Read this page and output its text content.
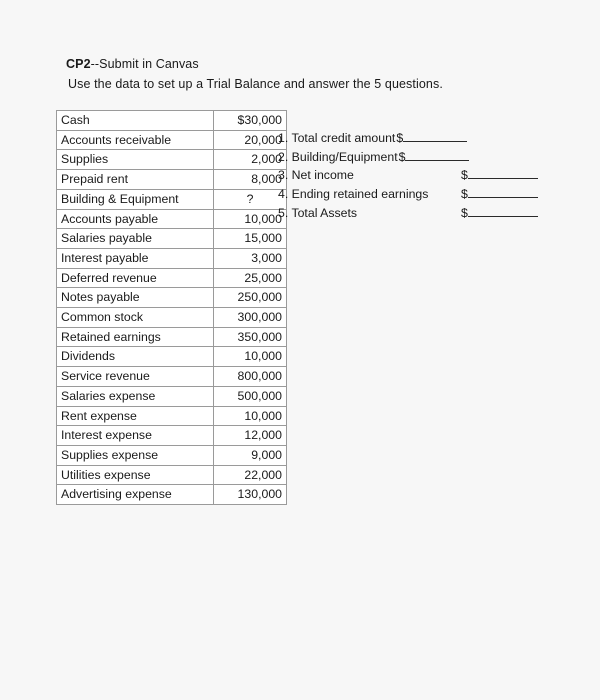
CP2--Submit in Canvas
Use the data to set up a Trial Balance and answer the 5 questions.
Cash	$30,000
Accounts receivable	20,000
Supplies	2,000
Prepaid rent	8,000
Building & Equipment	?
Accounts payable	10,000
Salaries payable	15,000
Interest payable	3,000
Deferred revenue	25,000
Notes payable	250,000
Common stock	300,000
Retained earnings	350,000
Dividends	10,000
Service revenue	800,000
Salaries expense	500,000
Rent expense	10,000
Interest expense	12,000
Supplies expense	9,000
Utilities expense	22,000
Advertising expense	130,000
1. Total credit amount$
2. Building/Equipment$
3. Net income	$
4. Ending retained earnings	$
5. Total Assets	$
